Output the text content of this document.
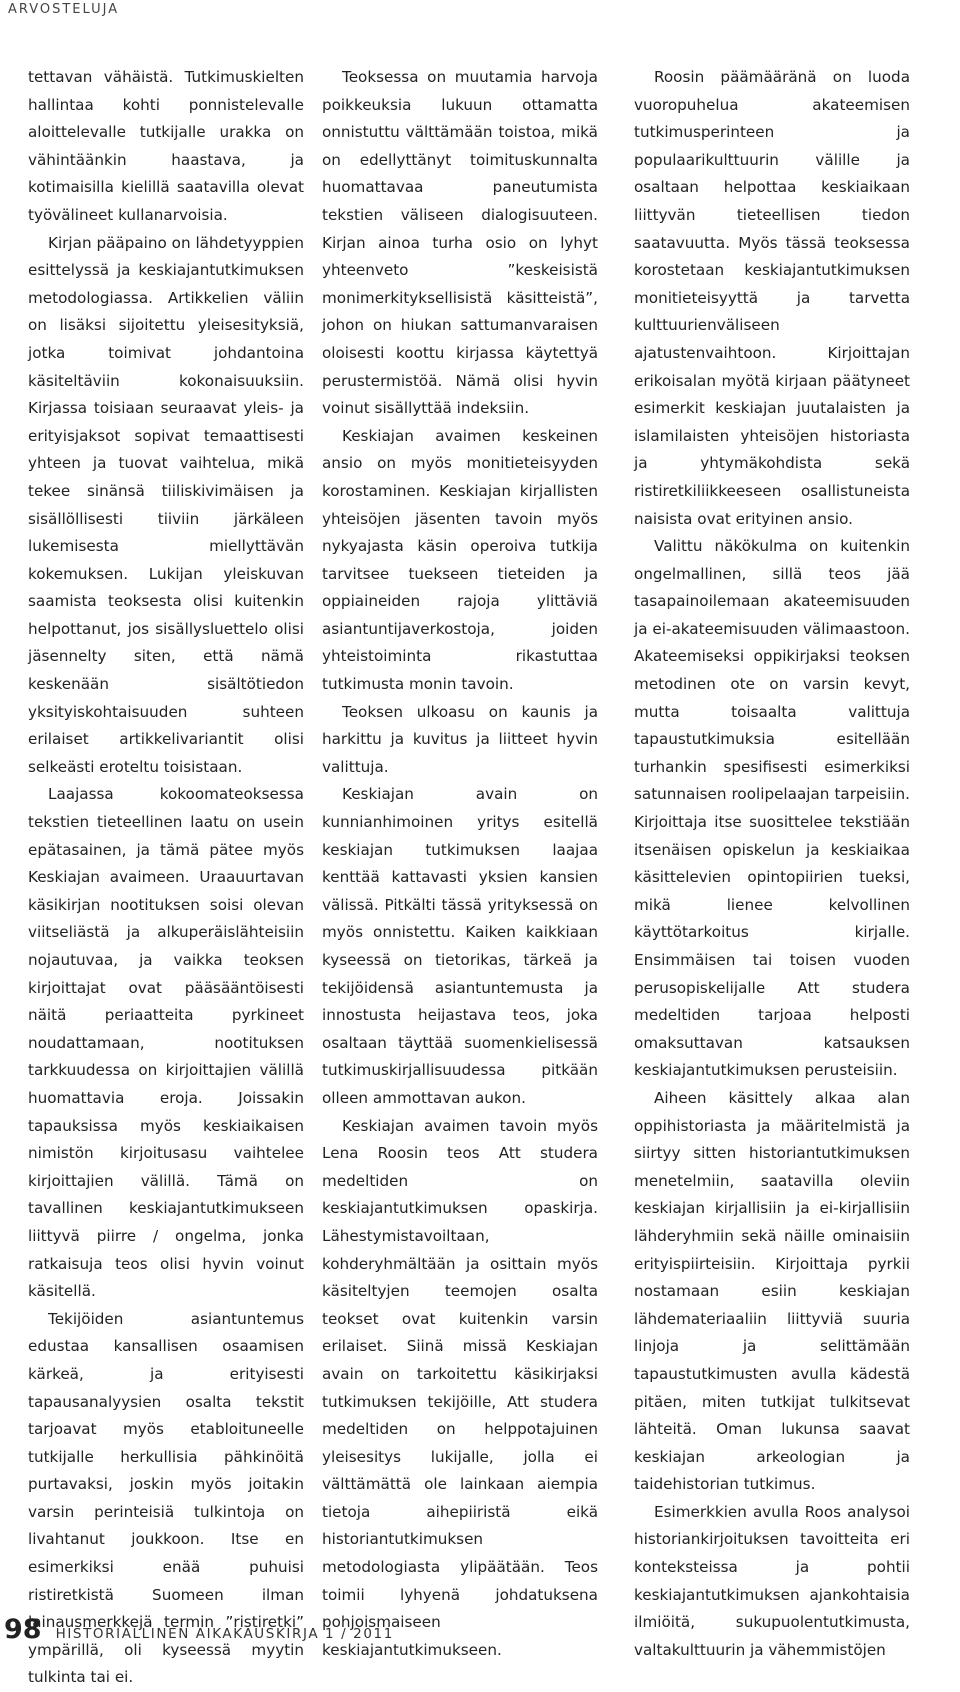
ARVOSTELUJA

tettavan vähäistä. Tutkimuskielten hallintaa kohti ponnistelevalle aloittelevalle tutkijalle urakka on vähintäänkin haastava, ja kotimaisilla kielillä saatavilla olevat työvälineet kullanarvoisia.

Kirjan pääpaino on lähdetyyppien esittelyssä ja keskiajantutkimuksen metodologiassa. Artikkelien väliin on lisäksi sijoitettu yleisesityksiä, jotka toimivat johdantoina käsiteltäviin kokonaisuuksiin. Kirjassa toisiaan seuraavat yleis- ja erityisjaksot sopivat temaattisesti yhteen ja tuovat vaihtelua, mikä tekee sinänsä tiiliskivimäisen ja sisällöllisesti tiiviin järkäleen lukemisesta miellyttävän kokemuksen. Lukijan yleiskuvan saamista teoksesta olisi kuitenkin helpottanut, jos sisällysluettelo olisi jäsennelty siten, että nämä keskenään sisältötiedon yksityiskohtaisuuden suhteen erilaiset artikkelivariantit olisi selkeästi eroteltu toisistaan.

Laajassa kokoomateoksessa tekstien tieteellinen laatu on usein epätasainen, ja tämä pätee myös Keskiajan avaimeen. Uraauurtavan käsikirjan nootituksen soisi olevan viitseliästä ja alkuperäislähteisiin nojautuvaa, ja vaikka teoksen kirjoittajat ovat pääsääntöisesti näitä periaatteita pyrkineet noudattamaan, nootituksen tarkkuudessa on kirjoittajien välillä huomattavia eroja. Joissakin tapauksissa myös keskiaikaisen nimistön kirjoitusasu vaihtelee kirjoittajien välillä. Tämä on tavallinen keskiajantutkimukseen liittyvä piirre / ongelma, jonka ratkaisuja teos olisi hyvin voinut käsitellä.

Tekijöiden asiantuntemus edustaa kansallisen osaamisen kärkeä, ja erityisesti tapausanalyysien osalta tekstit tarjoavat myös etabloituneelle tutkijalle herkullisia pähkinöitä purtavaksi, joskin myös joitakin varsin perinteisiä tulkintoja on livahtanut joukkoon. Itse en esimerkiksi enää puhuisi ristiretkistä Suomeen ilman lainausmerkkejä termin ”ristiretki” ympärillä, oli kyseessä myytin tulkinta tai ei.

Teoksessa on muutamia harvoja poikkeuksia lukuun ottamatta onnistuttu välttämään toistoa, mikä on edellyttänyt toimituskunnalta huomattavaa paneutumista tekstien väliseen dialogisuuteen. Kirjan ainoa turha osio on lyhyt yhteenveto ”keskeisistä monimerkityksellisistä käsitteistä”, johon on hiukan sattumanvaraisen oloisesti koottu kirjassa käytettyä perustermistöä. Nämä olisi hyvin voinut sisällyttää indeksiin.

Keskiajan avaimen keskeinen ansio on myös monitieteisyyden korostaminen. Keskiajan kirjallisten yhteisöjen jäsenten tavoin myös nykyajasta käsin operoiva tutkija tarvitsee tuekseen tieteiden ja oppiaineiden rajoja ylittäviä asiantuntijaverkostoja, joiden yhteistoiminta rikastuttaa tutkimusta monin tavoin.

Teoksen ulkoasu on kaunis ja harkittu ja kuvitus ja liitteet hyvin valittuja.

Keskiajan avain on kunnianhimoinen yritys esitellä keskiajan tutkimuksen laajaa kenttää kattavasti yksien kansien välissä. Pitkälti tässä yrityksessä on myös onnistettu. Kaiken kaikkiaan kyseessä on tietorikas, tärkeä ja tekijöidensä asiantuntemusta ja innostusta heijastava teos, joka osaltaan täyttää suomenkielisessä tutkimuskirjallisuudessa pitkään olleen ammottavan aukon.

Keskiajan avaimen tavoin myös Lena Roosin teos Att studera medeltiden on keskiajantutkimuksen opaskirja. Lähestymistavoiltaan, kohderyhmältään ja osittain myös käsiteltyjen teemojen osalta teokset ovat kuitenkin varsin erilaiset. Siinä missä Keskiajan avain on tarkoitettu käsikirjaksi tutkimuksen tekijöille, Att studera medeltiden on helppotajuinen yleisesitys lukijalle, jolla ei välttämättä ole lainkaan aiempia tietoja aihepiiristä eikä historiantutkimuksen metodologiasta ylipäätään. Teos toimii lyhyenä johdatuksena pohjoismaiseen keskiajantutkimukseen.

Roosin päämääränä on luoda vuoropuhelua akateemisen tutkimusperinteen ja populaarikulttuurin välille ja osaltaan helpottaa keskiaikaan liittyvän tieteellisen tiedon saatavuutta. Myös tässä teoksessa korostetaan keskiajantutkimuksen monitieteisyyttä ja tarvetta kulttuurienväliseen ajatustenvaihtoon. Kirjoittajan erikoisalan myötä kirjaan päätyneet esimerkit keskiajan juutalaisten ja islamilaisten yhteisöjen historiasta ja yhtymäkohdista sekä ristiretkiliikkeeseen osallistuneista naisista ovat erityinen ansio.

Valittu näkökulma on kuitenkin ongelmallinen, sillä teos jää tasapainoilemaan akateemisuuden ja ei-akateemisuuden välimaastoon. Akateemiseksi oppikirjaksi teoksen metodinen ote on varsin kevyt, mutta toisaalta valittuja tapaustutkimuksia esitellään turhankin spesifisesti esimerkiksi satunnaisen roolipelaajan tarpeisiin. Kirjoittaja itse suosittelee tekstiään itsenäisen opiskelun ja keskiaikaa käsittelevien opintopiirien tueksi, mikä lienee kelvollinen käyttötarkoitus kirjalle. Ensimmäisen tai toisen vuoden perusopiskelijalle Att studera medeltiden tarjoaa helposti omaksuttavan katsauksen keskiajantutkimuksen perusteisiin.

Aiheen käsittely alkaa alan oppihistoriasta ja määritelmistä ja siirtyy sitten historiantutkimuksen menetelmiin, saatavilla oleviin keskiajan kirjallisiin ja ei-kirjallisiin lähderyhmiin sekä näille ominaisiin erityispiirteisiin. Kirjoittaja pyrkii nostamaan esiin keskiajan lähdemateriaaliin liittyviä suuria linjoja ja selittämään tapaustutkimusten avulla kädestä pitäen, miten tutkijat tulkitsevat lähteitä. Oman lukunsa saavat keskiajan arkeologian ja taidehistorian tutkimus.

Esimerkkien avulla Roos analysoi historiankirjoituksen tavoitteita eri konteksteissa ja pohtii keskiajantutkimuksen ajankohtaisia ilmiöitä, sukupuolentutkimusta, valtakulttuurin ja vähemmistöjen

98 HISTORIALLINEN AIKAKAUSKIRJA 1 / 2011
